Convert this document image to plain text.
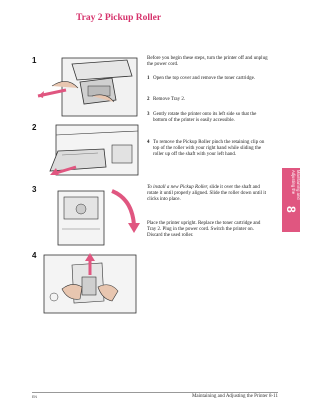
Tray 2 Pickup Roller
1
2
3
4
Before you begin these steps, turn the printer off and unplug the power cord.
1 Open the top cover and remove the toner cartridge.
2 Remove Tray 2.
3 Gently rotate the printer onto its left side so that the bottom of the printer is easily accessible.
4 To remove the Pickup Roller pinch the retaining clip on top of the roller with your right hand while sliding the roller up off the shaft with your left hand.
To install a new Pickup Roller, slide it over the shaft and rotate it until properly aligned. Slide the roller down until it clicks into place.
Place the printer upright. Replace the toner cartridge and Tray 2. Plug in the power cord. Switch the printer on. Discard the used roller.
Maintaining and
Adjusting the
8
EN	Maintaining and Adjusting the Printer 8-11
